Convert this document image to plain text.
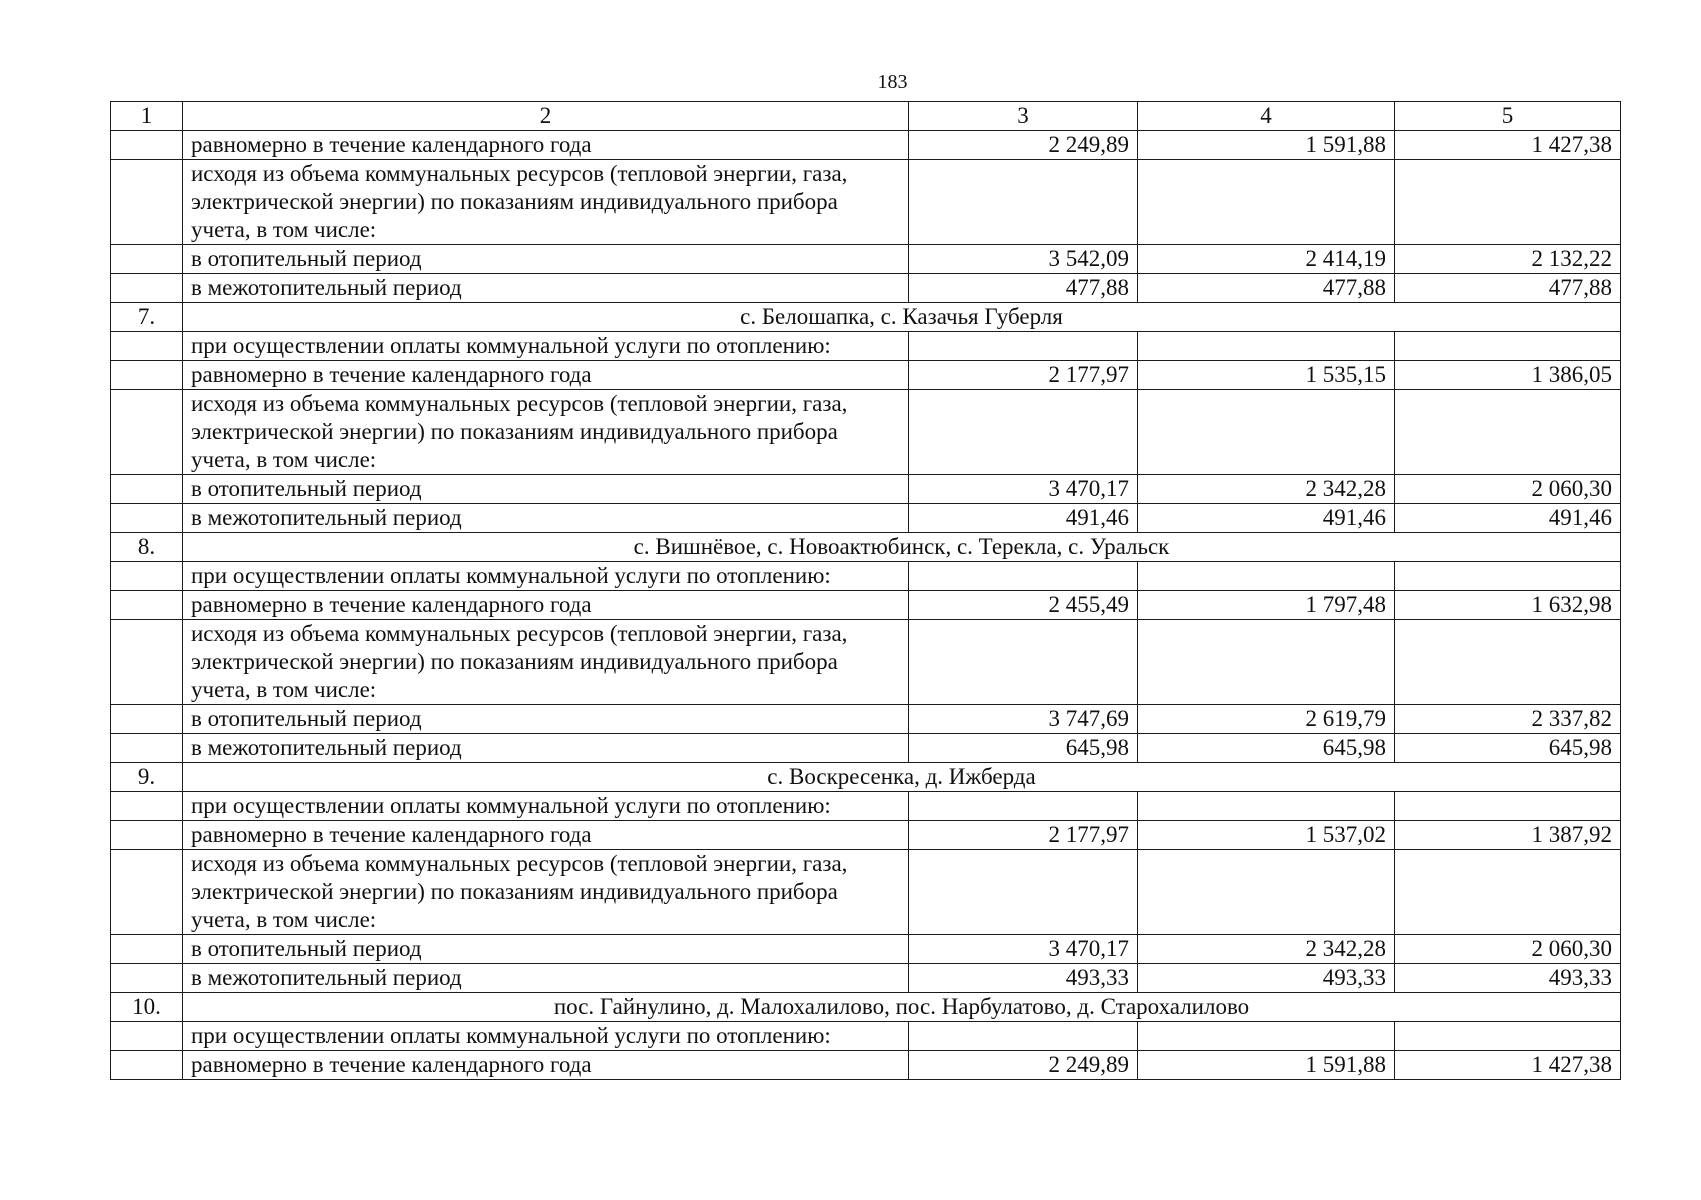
183
1	2	3	4	5
	равномерно в течение календарного года	2 249,89	1 591,88	1 427,38
	исходя из объема коммунальных ресурсов (тепловой энергии, газа, электрической энергии) по показаниям индивидуального прибора учета, в том числе:			
	в отопительный период	3 542,09	2 414,19	2 132,22
	в межотопительный период	477,88	477,88	477,88
7.	с. Белошапка, с. Казачья Губерля			
	при осуществлении оплаты коммунальной услуги по отоплению:			
	равномерно в течение календарного года	2 177,97	1 535,15	1 386,05
	исходя из объема коммунальных ресурсов (тепловой энергии, газа, электрической энергии) по показаниям индивидуального прибора учета, в том числе:			
	в отопительный период	3 470,17	2 342,28	2 060,30
	в межотопительный период	491,46	491,46	491,46
8.	с. Вишнёвое, с. Новоактюбинск, с. Терекла, с. Уральск			
	при осуществлении оплаты коммунальной услуги по отоплению:			
	равномерно в течение календарного года	2 455,49	1 797,48	1 632,98
	исходя из объема коммунальных ресурсов (тепловой энергии, газа, электрической энергии) по показаниям индивидуального прибора учета, в том числе:			
	в отопительный период	3 747,69	2 619,79	2 337,82
	в межотопительный период	645,98	645,98	645,98
9.	с. Воскресенка, д. Ижберда			
	при осуществлении оплаты коммунальной услуги по отоплению:			
	равномерно в течение календарного года	2 177,97	1 537,02	1 387,92
	исходя из объема коммунальных ресурсов (тепловой энергии, газа, электрической энергии) по показаниям индивидуального прибора учета, в том числе:			
	в отопительный период	3 470,17	2 342,28	2 060,30
	в межотопительный период	493,33	493,33	493,33
10.	пос. Гайнулино, д. Малохалилово, пос. Нарбулатово, д. Старохалилово			
	при осуществлении оплаты коммунальной услуги по отоплению:			
	равномерно в течение календарного года	2 249,89	1 591,88	1 427,38
